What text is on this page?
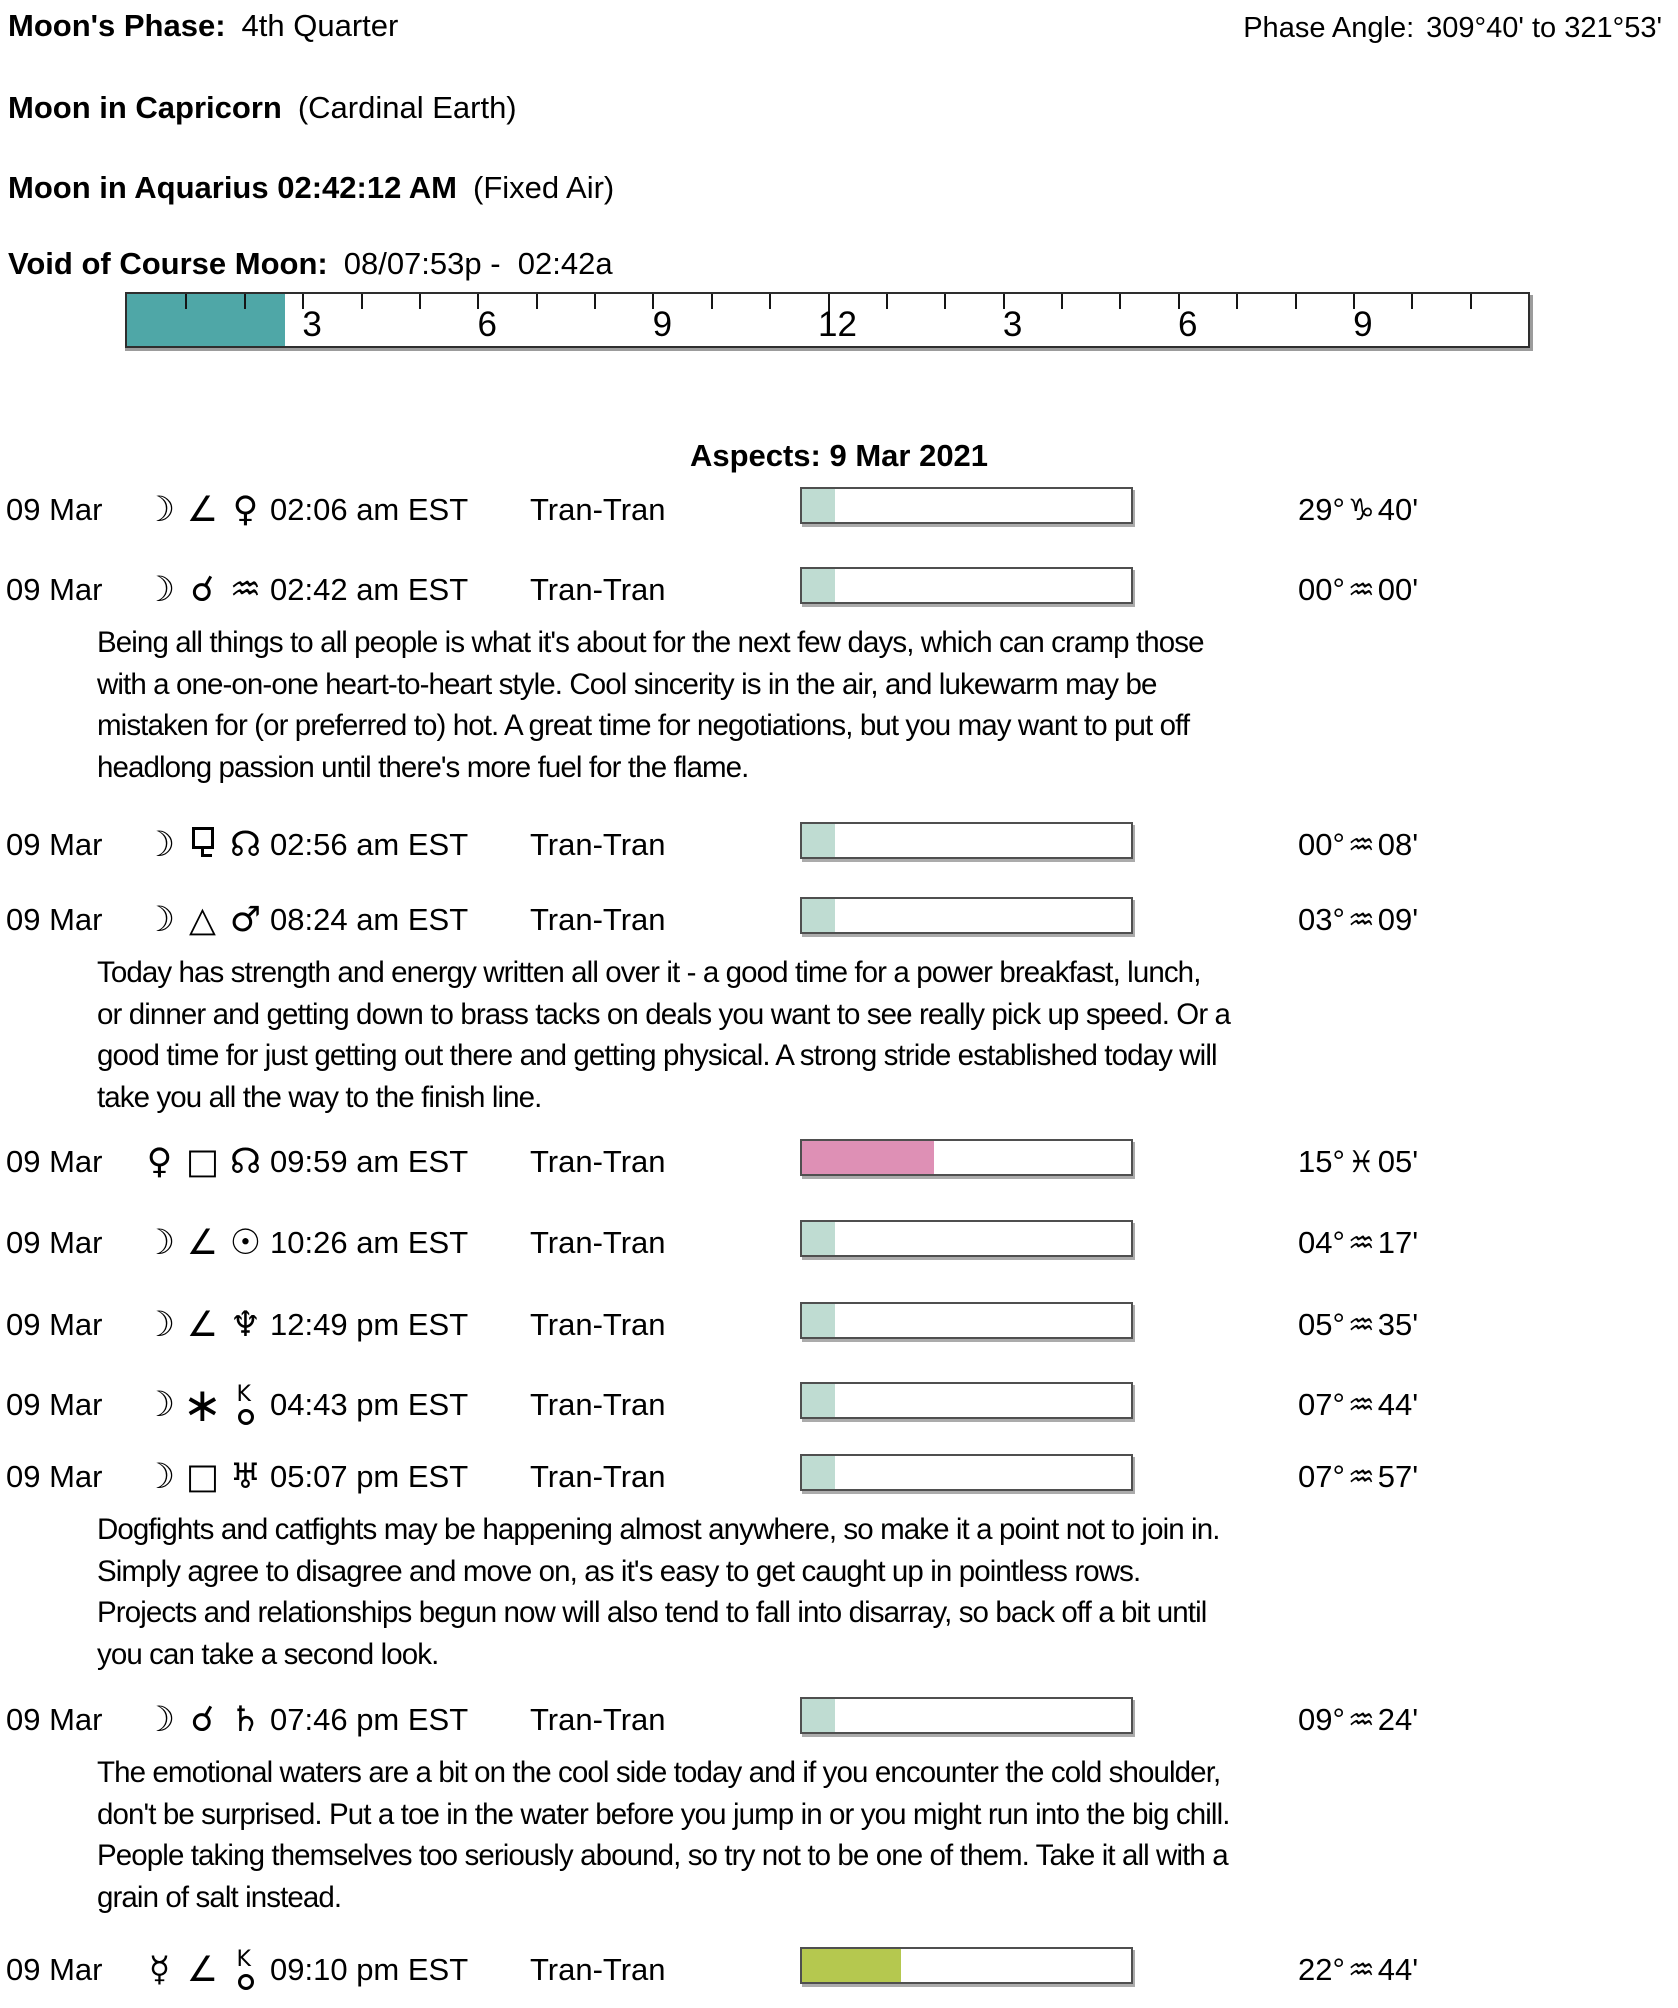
Moon's Phase: 4th Quarter	Phase Angle: 309°40' to 321°53'
Moon in Capricorn (Cardinal Earth)
Moon in Aquarius 02:42:12 AM (Fixed Air)
Void of Course Moon: 08/07:53p -  02:42a
3	6	9	12	3	6	9
Aspects: 9 Mar 2021
09 Mar ☽ ∠ ♀ 02:06 am EST Tran-Tran	29° ♑ 40'
09 Mar ☽ ☌ ♒ 02:42 am EST Tran-Tran	00° ♒ 00'
Being all things to all people is what it's about for the next few days, which can cramp those
with a one-on-one heart-to-heart style. Cool sincerity is in the air, and lukewarm may be
mistaken for (or preferred to) hot. A great time for negotiations, but you may want to put off
headlong passion until there's more fuel for the flame.
09 Mar ☽ ☊ 02:56 am EST Tran-Tran	00° ♒ 08'
09 Mar ☽ △ ♂ 08:24 am EST Tran-Tran	03° ♒ 09'
Today has strength and energy written all over it - a good time for a power breakfast, lunch,
or dinner and getting down to brass tacks on deals you want to see really pick up speed. Or a
good time for just getting out there and getting physical. A strong stride established today will
take you all the way to the finish line.
09 Mar ♀ □ ☊ 09:59 am EST Tran-Tran	15° ♓ 05'
09 Mar ☽ ∠ ☉ 10:26 am EST Tran-Tran	04° ♒ 17'
09 Mar ☽ ∠ ♆ 12:49 pm EST Tran-Tran	05° ♒ 35'
09 Mar ☽ ∗ K 04:43 pm EST Tran-Tran	07° ♒ 44'
09 Mar ☽ □ ♅ 05:07 pm EST Tran-Tran	07° ♒ 57'
Dogfights and catfights may be happening almost anywhere, so make it a point not to join in.
Simply agree to disagree and move on, as it's easy to get caught up in pointless rows.
Projects and relationships begun now will also tend to fall into disarray, so back off a bit until
you can take a second look.
09 Mar ☽ ☌ ♄ 07:46 pm EST Tran-Tran	09° ♒ 24'
The emotional waters are a bit on the cool side today and if you encounter the cold shoulder,
don't be surprised. Put a toe in the water before you jump in or you might run into the big chill.
People taking themselves too seriously abound, so try not to be one of them. Take it all with a
grain of salt instead.
09 Mar	☿ ∠ K 09:10 pm EST Tran-Tran	22° ♒ 44'
